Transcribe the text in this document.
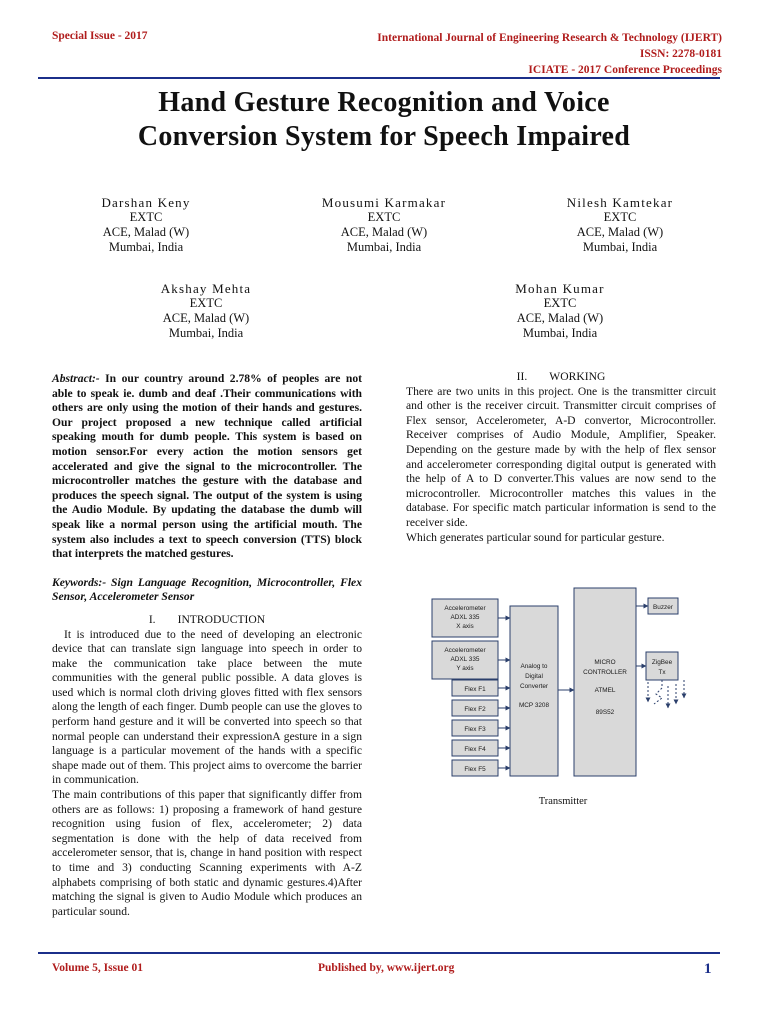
Special Issue - 2017	International Journal of Engineering Research & Technology (IJERT)
ISSN: 2278-0181
ICIATE - 2017 Conference Proceedings
Hand Gesture Recognition and Voice
Conversion System for Speech Impaired
Darshan Keny
EXTC
ACE, Malad (W)
Mumbai, India
Mousumi Karmakar
EXTC
ACE, Malad (W)
Mumbai, India
Nilesh Kamtekar
EXTC
ACE, Malad (W)
Mumbai, India
Akshay Mehta
EXTC
ACE, Malad (W)
Mumbai, India
Mohan Kumar
EXTC
ACE, Malad (W)
Mumbai, India
Abstract:- In our country around 2.78% of peoples are not able to speak ie. dumb and deaf .Their communications with others are only using the motion of their hands and gestures. Our project proposed a new technique called artificial speaking mouth for dumb people. This system is based on motion sensor.For every action the motion sensors get accelerated and give the signal to the microcontroller. The microcontroller matches the gesture with the database and produces the speech signal. The output of the system is using the Audio Module. By updating the database the dumb will speak like a normal person using the artificial mouth. The system also includes a text to speech conversion (TTS) block that interprets the matched gestures.
Keywords:- Sign Language Recognition, Microcontroller, Flex Sensor, Accelerometer Sensor
I. INTRODUCTION
It is introduced due to the need of developing an electronic device that can translate sign language into speech in order to make the communication take place between the mute communities with the general public possible. A data gloves is used which is normal cloth driving gloves fitted with flex sensors along the length of each finger. Dumb people can use the gloves to perform hand gesture and it will be converted into speech so that normal people can understand their expressionA gesture in a sign language is a particular movement of the hands with a specific shape made out of them. This project aims to overcome the barrier in communication.
The main contributions of this paper that significantly differ from others are as follows: 1) proposing a framework of hand gesture recognition using fusion of flex, accelerometer; 2) data segmentation is done with the help of data received from accelerometer sensor, that is, change in hand position with respect to time and 3) conducting Scanning experiments with A-Z alphabets comprising of both static and dynamic gestures.4)After matching the signal is given to Audio Module which produces an particular sound.
II. WORKING
There are two units in this project. One is the transmitter circuit and other is the receiver circuit. Transmitter circuit comprises of Flex sensor, Accelerometer, A-D convertor, Microcontroller. Receiver comprises of Audio Module, Amplifier, Speaker. Depending on the gesture made by with the help of flex sensor and accelerometer corresponding digital output is generated with the help of A to D converter.This values are now send to the microcontroller. Microcontroller matches this values in the database. For specific match particular information is send to the receiver side.
Which generates particular sound for particular gesture.
Accelerometer
ADXL 335
X axis
Accelerometer
ADXL 335
Y axis
Flex F1
Flex F2
Flex F3
Flex F4
Flex F5
Analog to
Digital
Converter
MCP 3208
MICRO
CONTROLLER
ATMEL
89S52
Buzzer
ZigBee
Tx
Transmitter
Volume 5, Issue 01	Published by, www.ijert.org	1
